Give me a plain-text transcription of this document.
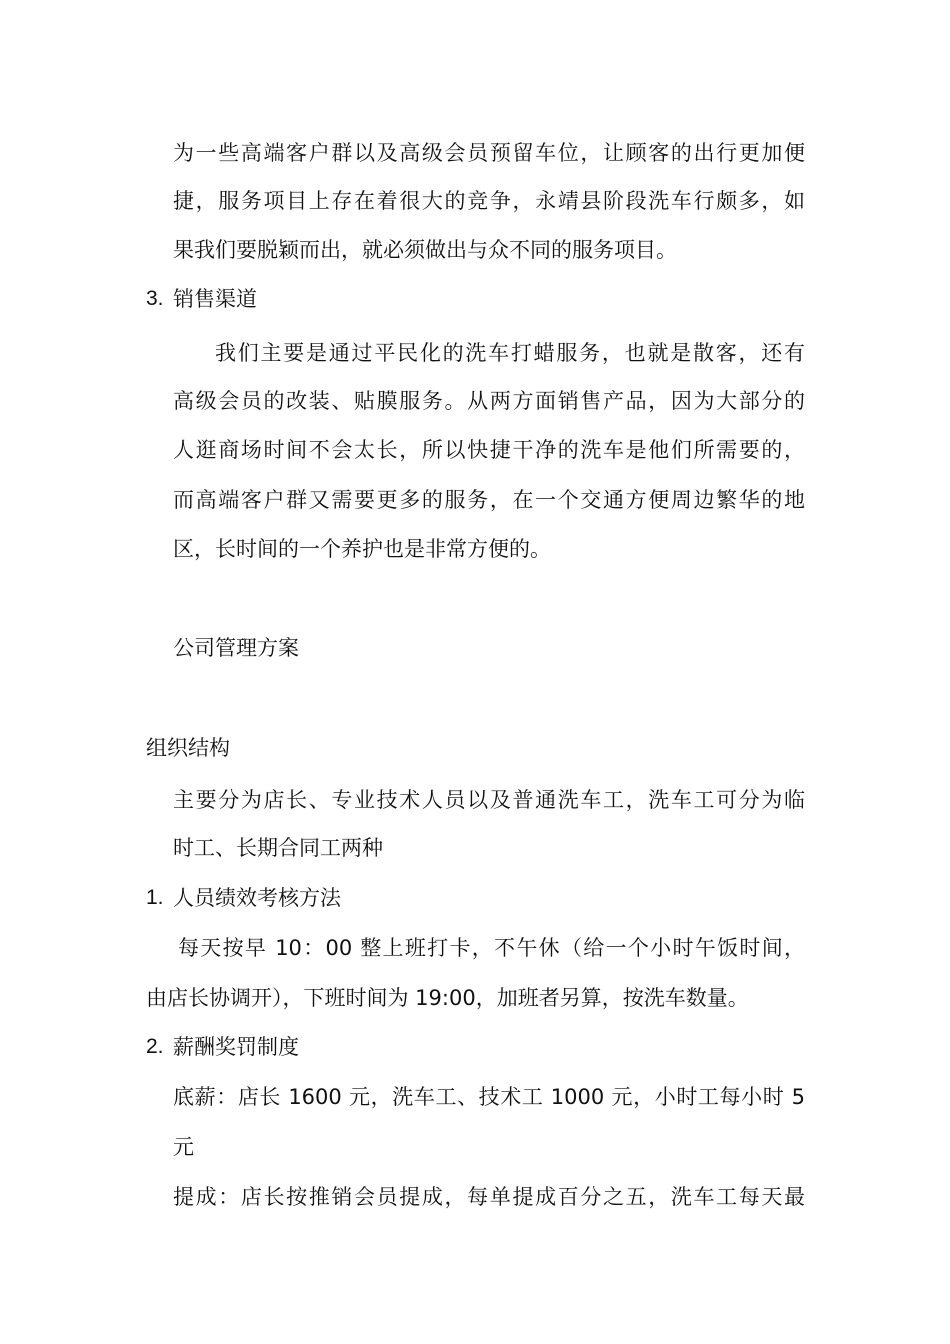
为一些高端客户群以及高级会员预留车位，让顾客的出行更加便
捷，服务项目上存在着很大的竞争，永靖县阶段洗车行颇多，如
果我们要脱颖而出，就必须做出与众不同的服务项目。
3. 销售渠道
我们主要是通过平民化的洗车打蜡服务，也就是散客，还有
高级会员的改装、贴膜服务。从两方面销售产品，因为大部分的
人逛商场时间不会太长，所以快捷干净的洗车是他们所需要的，
而高端客户群又需要更多的服务，在一个交通方便周边繁华的地
区，长时间的一个养护也是非常方便的。
公司管理方案
组织结构
主要分为店长、专业技术人员以及普通洗车工，洗车工可分为临
时工、长期合同工两种
1. 人员绩效考核方法
每天按早 10：00 整上班打卡，不午休（给一个小时午饭时间，
由店长协调开），下班时间为 19:00，加班者另算，按洗车数量。
2. 薪酬奖罚制度
底薪：店长 1600 元，洗车工、技术工 1000 元，小时工每小时 5
元
提成：店长按推销会员提成，每单提成百分之五，洗车工每天最
